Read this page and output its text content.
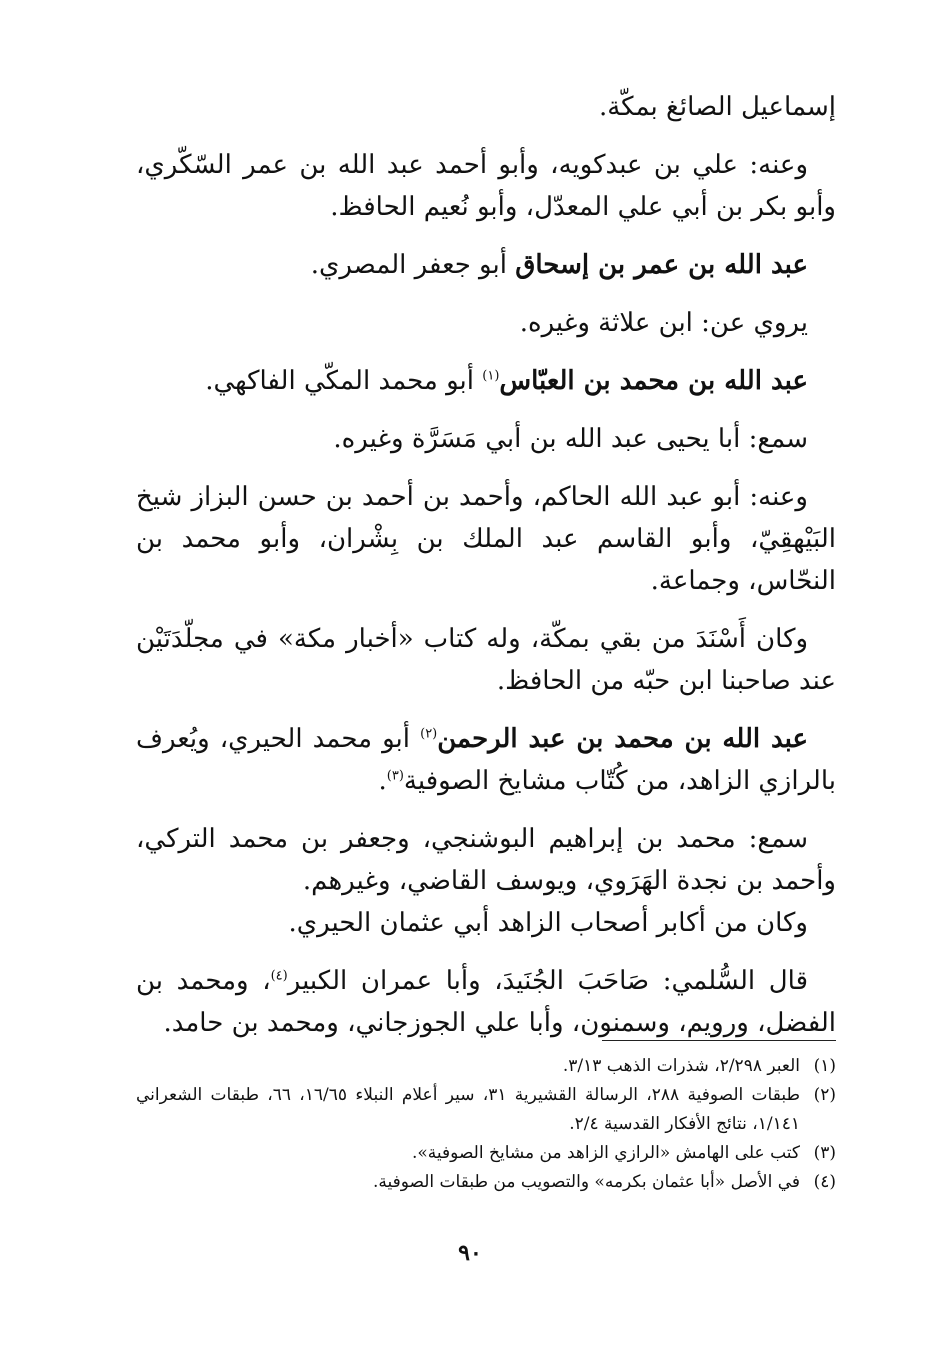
إسماعيل الصائغ بمكّة.

وعنه: علي بن عبدكويه، وأبو أحمد عبد الله بن عمر السّكّري، وأبو بكر بن أبي علي المعدّل، وأبو نُعيم الحافظ.

عبد الله بن عمر بن إسحاق أبو جعفر المصري.

يروي عن: ابن علاثة وغيره.

عبد الله بن محمد بن العبّاس$^{(١)}$ أبو محمد المكّي الفاكهي.

سمع: أبا يحيى عبد الله بن أبي مَسَرَّة وغيره.

وعنه: أبو عبد الله الحاكم، وأحمد بن أحمد بن حسن البزاز شيخ البَيْهقِيّ، وأبو القاسم عبد الملك بن بِشْران، وأبو محمد بن النحّاس، وجماعة.

وكان أَسْنَدَ من بقي بمكّة، وله كتاب «أخبار مكة» في مجلّدَتَيْن عند صاحبنا ابن حبّه من الحافظ.

عبد الله بن محمد بن عبد الرحمن$^{(٢)}$ أبو محمد الحيري، ويُعرف بالرازي الزاهد، من كُتّاب مشايخ الصوفية$^{(٣)}$.

سمع: محمد بن إبراهيم البوشنجي، وجعفر بن محمد التركي، وأحمد بن نجدة الهَرَوي، ويوسف القاضي، وغيرهم.

وكان من أكابر أصحاب الزاهد أبي عثمان الحيري.

قال السُّلمي: صَاحَبَ الجُنَيدَ، وأبا عمران الكبير$^{(٤)}$، ومحمد بن الفضل، ورويم، وسمنون، وأبا علي الجوزجاني، ومحمد بن حامد.

(١)
العبر ٢/٢٩٨، شذرات الذهب ٣/١٣.
(٢)
طبقات الصوفية ٢٨٨، الرسالة القشيرية ٣١، سير أعلام النبلاء ١٦/٦٥، ٦٦، طبقات الشعراني ١/١٤١، نتائج الأفكار القدسية ٢/٤.
(٣)
كتب على الهامش «الرازي الزاهد من مشايخ الصوفية».
(٤)
في الأصل «أبا عثمان بكرمه» والتصويب من طبقات الصوفية.
٩٠
